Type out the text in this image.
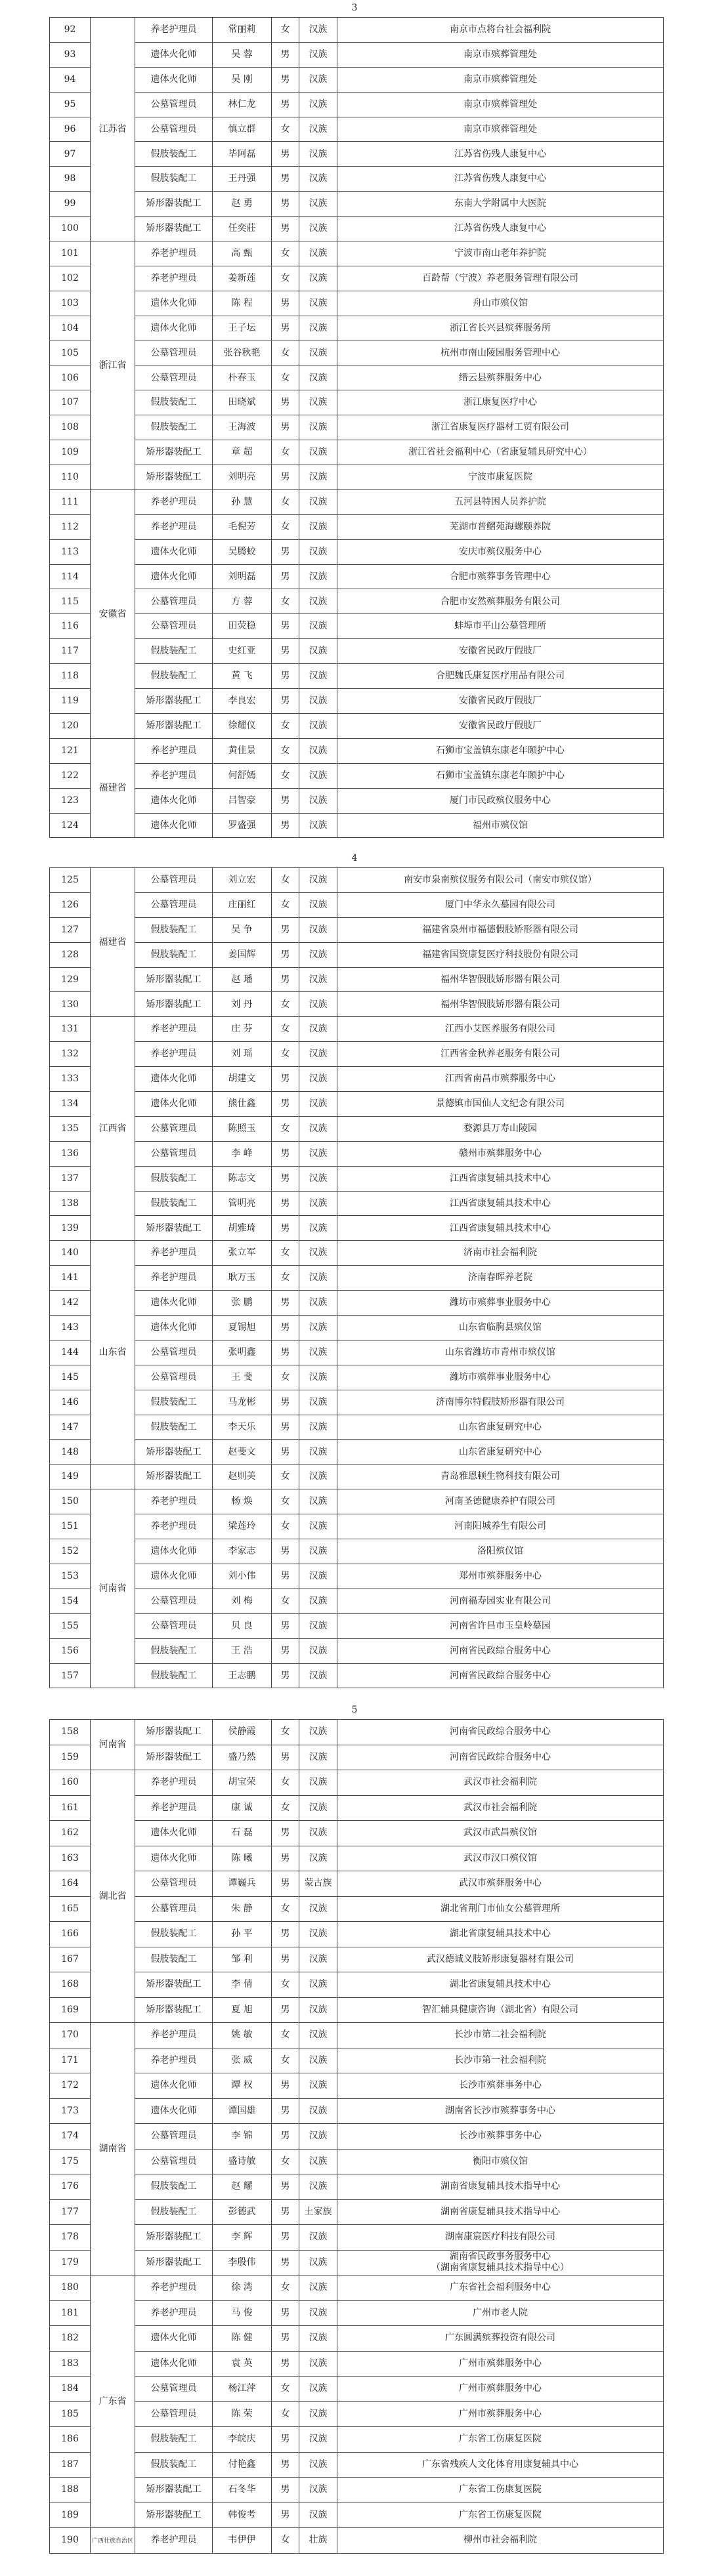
3
92	江苏省	养老护理员	常丽莉	女	汉族	南京市点将台社会福利院
93		遗体火化师	吴 蓉	男	汉族	南京市殡葬管理处
94		遗体火化师	吴 刚	男	汉族	南京市殡葬管理处
95		公墓管理员	林仁龙	男	汉族	南京市殡葬管理处
96		公墓管理员	慎立群	女	汉族	南京市殡葬管理处
97		假肢装配工	毕阿磊	男	汉族	江苏省伤残人康复中心
98		假肢装配工	王丹强	男	汉族	江苏省伤残人康复中心
99		矫形器装配工	赵 勇	男	汉族	东南大学附属中大医院
100		矫形器装配工	任奕莊	男	汉族	江苏省伤残人康复中心
101	浙江省	养老护理员	高 甄	女	汉族	宁波市南山老年养护院
102		养老护理员	姜新莲	女	汉族	百龄帮（宁波）养老服务管理有限公司
103		遗体火化师	陈 程	男	汉族	舟山市殡仪馆
104		遗体火化师	王子坛	男	汉族	浙江省长兴县殡葬服务所
105		公墓管理员	张谷秋艳	女	汉族	杭州市南山陵园服务管理中心
106		公墓管理员	朴春玉	女	汉族	缙云县殡葬服务中心
107		假肢装配工	田晓斌	男	汉族	浙江康复医疗中心
108		假肢装配工	王海波	男	汉族	浙江省康复医疗器材工贸有限公司
109		矫形器装配工	章 超	女	汉族	浙江省社会福利中心（省康复辅具研究中心）
110		矫形器装配工	刘明亮	男	汉族	宁波市康复医院
111	安徽省	养老护理员	孙 慧	女	汉族	五河县特困人员养护院
112		养老护理员	毛倪芳	女	汉族	芜湖市普鳛苑海螺颐养院
113		遗体火化师	吴腾蛟	男	汉族	安庆市殡仪服务中心
114		遗体火化师	刘明磊	男	汉族	合肥市殡葬事务管理中心
115		公墓管理员	方 蓉	女	汉族	合肥市安然殡葬服务有限公司
116		公墓管理员	田荧稳	男	汉族	蚌埠市平山公墓管理所
117		假肢装配工	史红亚	男	汉族	安徽省民政厅假肢厂
118		假肢装配工	黄 飞	男	汉族	合肥魏氏康复医疗用品有限公司
119		矫形器装配工	李良宏	男	汉族	安徽省民政厅假肢厂
120		矫形器装配工	徐耀仪	女	汉族	安徽省民政厅假肢厂
121	福建省	养老护理员	黄佳景	女	汉族	石狮市宝盖镇东康老年颐护中心
122		养老护理员	何舒嫣	女	汉族	石狮市宝盖镇东康老年颐护中心
123		遗体火化师	吕智豪	男	汉族	厦门市民政殡仪服务中心
124		遗体火化师	罗盛强	男	汉族	福州市殡仪馆
4
125	福建省	公墓管理员	刘立宏	女	汉族	南安市泉南殡仪服务有限公司（南安市殡仪馆）
126		公墓管理员	庄丽红	女	汉族	厦门中华永久墓园有限公司
127		假肢装配工	吴 争	男	汉族	福建省泉州市福德假肢矫形器有限公司
128		假肢装配工	姜国辉	男	汉族	福建省国资康复医疗科技股份有限公司
129		矫形器装配工	赵 璠	男	汉族	福州华智假肢矫形器有限公司
130		矫形器装配工	刘 丹	女	汉族	福州华智假肢矫形器有限公司
131	江西省	养老护理员	庄 芬	女	汉族	江西小艾医养服务有限公司
132		养老护理员	刘 瑶	女	汉族	江西省金秋养老服务有限公司
133		遗体火化师	胡建文	男	汉族	江西省南昌市殡葬服务中心
134		遗体火化师	熊仕鑫	男	汉族	景德镇市国仙人文纪念有限公司
135		公墓管理员	陈照玉	女	汉族	婺源县万寿山陵园
136		公墓管理员	李 峰	男	汉族	赣州市殡葬服务中心
137		假肢装配工	陈志文	男	汉族	江西省康复辅具技术中心
138		假肢装配工	管明亮	男	汉族	江西省康复辅具技术中心
139		矫形器装配工	胡雅琦	男	汉族	江西省康复辅具技术中心
140	山东省	养老护理员	张立军	女	汉族	济南市社会福利院
141		养老护理员	耿万玉	女	汉族	济南春晖养老院
142		遗体火化师	张 鹏	男	汉族	潍坊市殡葬事业服务中心
143		遗体火化师	夏锡旭	男	汉族	山东省临朐县殡仪馆
144		公墓管理员	张明鑫	男	汉族	山东省潍坊市青州市殡仪馆
145		公墓管理员	王 斐	女	汉族	潍坊市殡葬事业服务中心
146		假肢装配工	马龙彬	男	汉族	济南博尔特假肢矫形器有限公司
147		假肢装配工	李天乐	男	汉族	山东省康复研究中心
148		矫形器装配工	赵斐文	男	汉族	山东省康复研究中心
149		矫形器装配工	赵则美	女	汉族	青岛雅恩顿生物科技有限公司
150	河南省	养老护理员	杨 焕	女	汉族	河南圣德健康养护有限公司
151		养老护理员	梁莲玲	女	汉族	河南阳城养生有限公司
152		遗体火化师	李家志	男	汉族	洛阳殡仪馆
153		遗体火化师	刘小伟	男	汉族	郑州市殡葬服务中心
154		公墓管理员	刘 梅	女	汉族	河南福寿园实业有限公司
155		公墓管理员	贝 良	男	汉族	河南省许昌市玉皇岭墓园
156		假肢装配工	王 浩	男	汉族	河南省民政综合服务中心
157		假肢装配工	王志鹏	男	汉族	河南省民政综合服务中心
5
158	河南省	矫形器装配工	侯静霞	女	汉族	河南省民政综合服务中心
159		矫形器装配工	盛乃然	男	汉族	河南省民政综合服务中心
160	湖北省	养老护理员	胡宝荣	女	汉族	武汉市社会福利院
161		养老护理员	康 诚	女	汉族	武汉市社会福利院
162		遗体火化师	石 磊	男	汉族	武汉市武昌殡仪馆
163		遗体火化师	陈 曦	男	汉族	武汉市汉口殡仪馆
164		公墓管理员	谭巍兵	男	蒙古族	武汉市殡葬服务中心
165		公墓管理员	朱 静	女	汉族	湖北省荆门市仙女公墓管理所
166		假肢装配工	孙 平	男	汉族	湖北省康复辅具技术中心
167		假肢装配工	邹 利	男	汉族	武汉德诚义肢矫形康复器材有限公司
168		矫形器装配工	李 倩	女	汉族	湖北省康复辅具技术中心
169		矫形器装配工	夏 旭	男	汉族	智汇辅具健康咨询（湖北省）有限公司
170	湖南省	养老护理员	姚 敏	女	汉族	长沙市第二社会福利院
171		养老护理员	张 威	女	汉族	长沙市第一社会福利院
172		遗体火化师	谭 权	男	汉族	长沙市殡葬事务中心
173		遗体火化师	谭国雄	男	汉族	湖南省长沙市殡葬事务中心
174		公墓管理员	李 锦	男	汉族	长沙市殡葬事务中心
175		公墓管理员	盛诗敏	女	汉族	衡阳市殡仪馆
176		假肢装配工	赵 耀	男	汉族	湖南省康复辅具技术指导中心
177		假肢装配工	彭德武	男	土家族	湖南省康复辅具技术指导中心
178		矫形器装配工	李 辉	男	汉族	湖南康宸医疗科技有限公司
179		矫形器装配工	李殷伟	男	汉族	湖南省民政事务服务中心
（湖南省康复辅具技术指导中心）

180	广东省	养老护理员	徐 湾	女	汉族	广东省社会福利服务中心
181		养老护理员	马 俊	男	汉族	广州市老人院
182		遗体火化师	陈 健	男	汉族	广东圆满殡葬投资有限公司
183		遗体火化师	袁 英	男	汉族	广州市殡葬服务中心
184		公墓管理员	杨江萍	女	汉族	广州市殡葬服务中心
185		公墓管理员	陈 荣	女	汉族	广州市殡葬服务中心
186		假肢装配工	李皖庆	男	汉族	广东省工伤康复医院
187		假肢装配工	付艳鑫	男	汉族	广东省残疾人文化体育用康复辅具中心
188		矫形器装配工	石冬华	男	汉族	广东省工伤康复医院
189		矫形器装配工	韩俊考	男	汉族	广东省工伤康复医院
190	广西壮族自治区	养老护理员	韦伊伊	女	壮族	柳州市社会福利院
